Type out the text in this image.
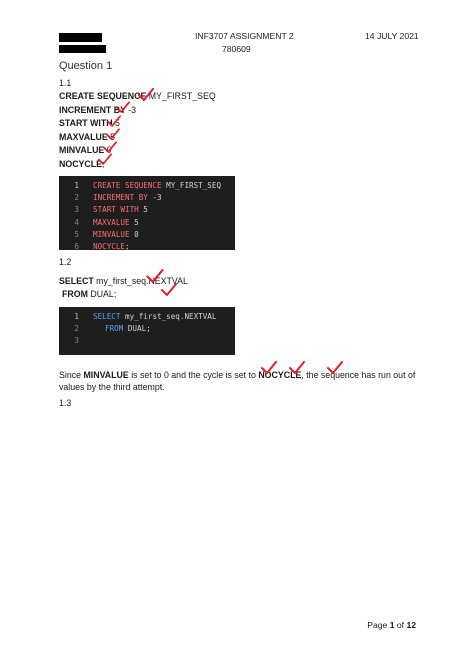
INF3707 ASSIGNMENT 2
780609
14 JULY 2021
Question 1
1.1
CREATE SEQUENCE MY_FIRST_SEQ
INCREMENT BY -3
START WITH 5
MAXVALUE 5
MINVALUE 0
NOCYCLE;
1 CREATE SEQUENCE MY_FIRST_SEQ
2 INCREMENT BY -3
3 START WITH 5
4 MAXVALUE 5
5 MINVALUE 0
6 NOCYCLE;
1.2
SELECT my_first_seq.NEXTVAL
FROM DUAL;
1 SELECT my_first_seq.NEXTVAL
2	FROM DUAL;
3
Since MINVALUE is set to 0 and the cycle is set to NOCYCLE, the sequence has run out of values by the third attempt.
1.3
Page 1 of 12
